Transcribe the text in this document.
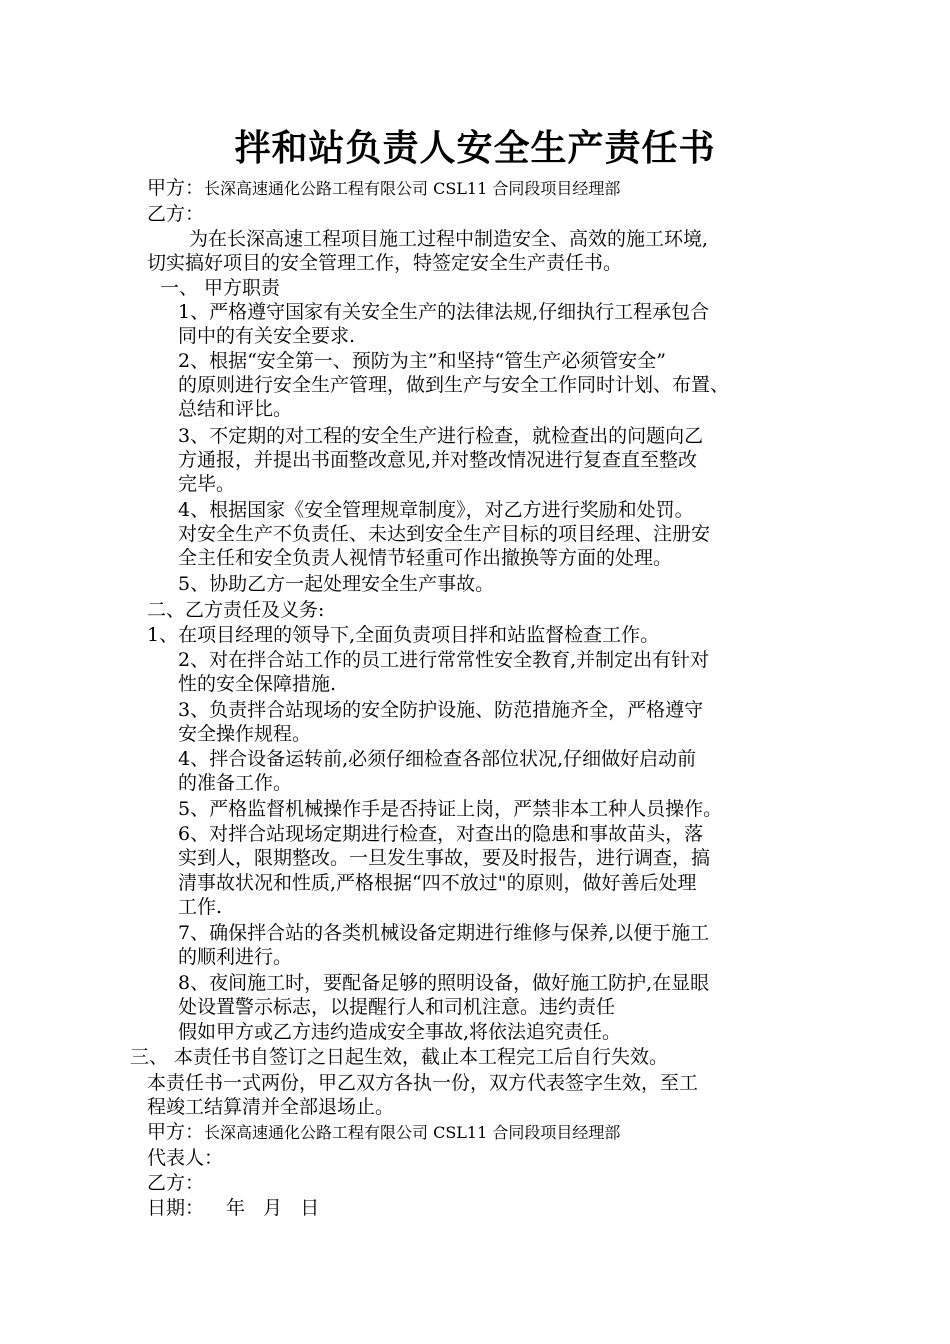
拌和站负责人安全生产责任书
甲方：长深高速通化公路工程有限公司 CSL11 合同段项目经理部
乙方：
为在长深高速工程项目施工过程中制造安全、高效的施工环境,
切实搞好项目的安全管理工作，特签定安全生产责任书。
一、 甲方职责
1、严格遵守国家有关安全生产的法律法规,仔细执行工程承包合
同中的有关安全要求.
2、根据“安全第一、预防为主”和坚持“管生产必须管安全”
的原则进行安全生产管理，做到生产与安全工作同时计划、布置、
总结和评比。
3、不定期的对工程的安全生产进行检查，就检查出的问题向乙
方通报，并提出书面整改意见,并对整改情况进行复查直至整改
完毕。
4、根据国家《安全管理规章制度》，对乙方进行奖励和处罚。
对安全生产不负责任、未达到安全生产目标的项目经理、注册安
全主任和安全负责人视情节轻重可作出撤换等方面的处理。
5、协助乙方一起处理安全生产事故。
二、乙方责任及义务:
1、在项目经理的领导下,全面负责项目拌和站监督检查工作。
2、对在拌合站工作的员工进行常常性安全教育,并制定出有针对
性的安全保障措施.
3、负责拌合站现场的安全防护设施、防范措施齐全，严格遵守
安全操作规程。
4、拌合设备运转前,必须仔细检查各部位状况,仔细做好启动前
的准备工作。
5、严格监督机械操作手是否持证上岗，严禁非本工种人员操作。
6、对拌合站现场定期进行检查，对查出的隐患和事故苗头，落
实到人，限期整改。一旦发生事故，要及时报告，进行调查，搞
清事故状况和性质,严格根据“四不放过"的原则，做好善后处理
工作.
7、确保拌合站的各类机械设备定期进行维修与保养,以便于施工
的顺利进行。
8、夜间施工时，要配备足够的照明设备，做好施工防护,在显眼
处设置警示标志，以提醒行人和司机注意。违约责任
假如甲方或乙方违约造成安全事故,将依法追究责任。
三、 本责任书自签订之日起生效，截止本工程完工后自行失效。
本责任书一式两份，甲乙双方各执一份，双方代表签字生效，至工
程竣工结算清并全部退场止。
甲方：长深高速通化公路工程有限公司 CSL11 合同段项目经理部
代表人：
乙方：
日期： 年   月   日
